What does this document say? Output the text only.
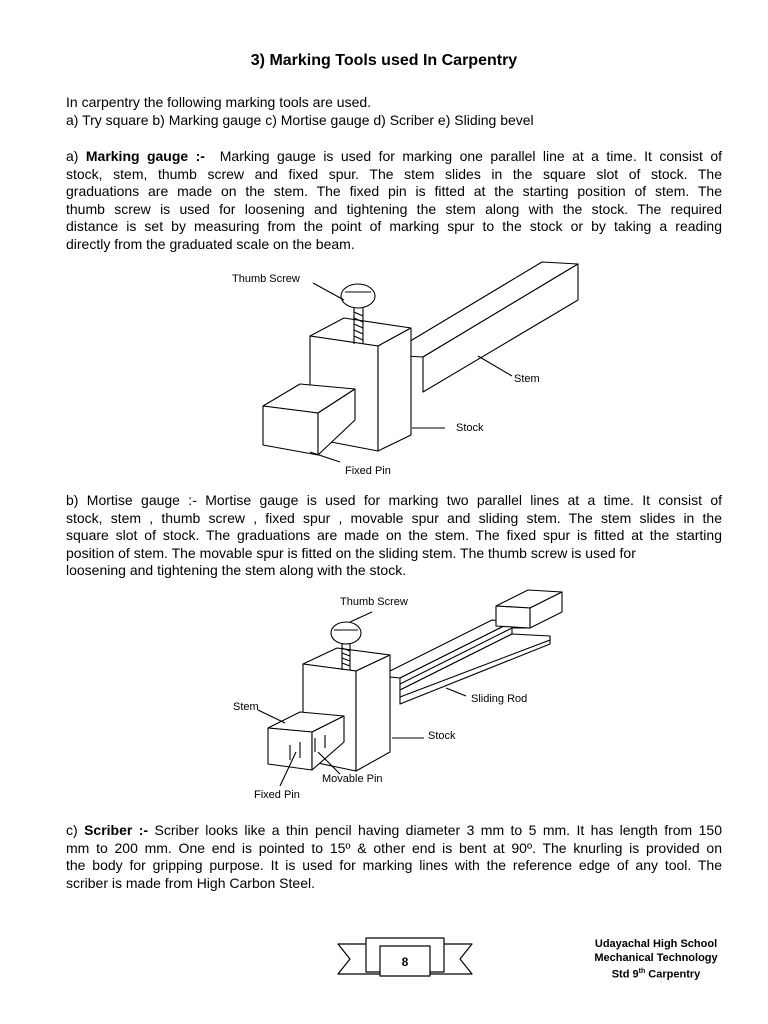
3) Marking Tools used In Carpentry
In carpentry the following marking tools are used.
a) Try square b) Marking gauge c) Mortise gauge d) Scriber e) Sliding bevel
a) Marking gauge :-  Marking gauge is used for marking one parallel line at a time. It consist of
stock, stem, thumb screw and fixed spur. The stem slides in the square slot of stock. The
graduations are made on the stem. The fixed pin is fitted at the starting position of stem. The
thumb screw is used for loosening and tightening the stem along with the stock. The required
distance is set by measuring from the point of marking spur to the stock or by taking a reading
directly from the graduated scale on the beam.
Thumb Screw
Stem
Stock
Fixed Pin
b) Mortise gauge :- Mortise gauge is used for marking two parallel lines at a time. It consist of
stock, stem , thumb screw , fixed spur , movable spur and sliding stem. The stem slides in the
square slot of stock. The graduations are made on the stem. The fixed spur is fitted at the starting
position of stem. The movable spur is fitted on the sliding stem. The thumb screw is used for
loosening and tightening the stem along with the stock.
Thumb Screw
Sliding Rod
Stem
Stock
Movable Pin
Fixed Pin
c) Scriber :- Scriber looks like a thin pencil having diameter 3 mm to 5 mm. It has length from 150
mm to 200 mm. One end is pointed to 15º & other end is bent at 90º. The knurling is provided on
the body for gripping purpose. It is used for marking lines with the reference edge of any tool. The
scriber is made from High Carbon Steel.
8
Udayachal High School
Mechanical Technology
Std 9th Carpentry
